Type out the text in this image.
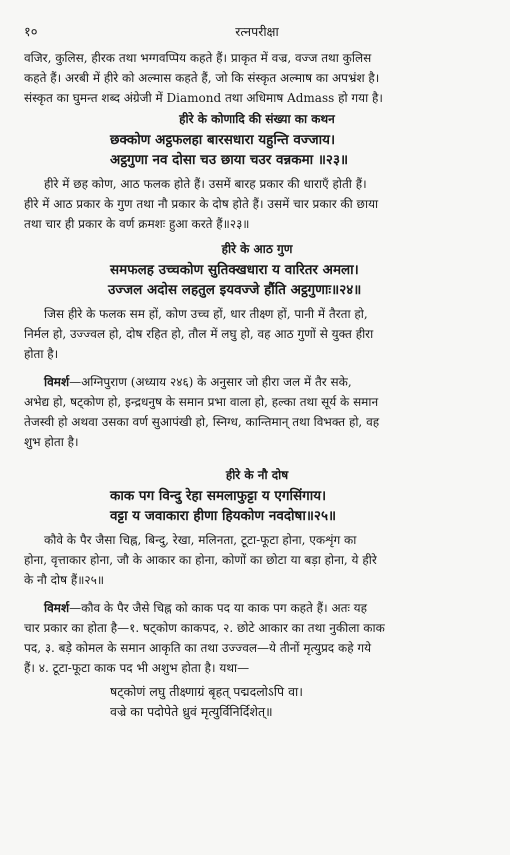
१०	रत्नपरीक्षा

वजिर, कुलिस, हीरक तथा भग्गवप्पिय कहते हैं। प्राकृत में वज्र, वज्ज तथा कुलिस

कहते हैं। अरबी में हीरे को अल्मास कहते हैं, जो कि संस्कृत अल्माष का अपभ्रंश है।

संस्कृत का घुमन्त शब्द अंग्रेजी में Diamond तथा अधिमाष Admass हो गया है।

हीरे के कोणादि की संख्या का कथन
छक्कोण अट्ठफलहा बारसधारा यहुन्ति वज्जाय।
अट्ठगुणा नव दोसा चउ छाया चउर वन्नकमा ॥२३॥

हीरे में छह कोण, आठ फलक होते हैं। उसमें बारह प्रकार की धाराएँ होती हैं।

हीरे में आठ प्रकार के गुण तथा नौ प्रकार के दोष होते हैं। उसमें चार प्रकार की छाया

तथा चार ही प्रकार के वर्ण क्रमशः हुआ करते हैं॥२३॥

हीरे के आठ गुण
समफलह उच्चकोण सुतिक्खधारा य वारितर अमला।
उज्जल अदोस लहतुल इयवज्जे हौंति अट्ठगुणाः॥२४॥

जिस हीरे के फलक सम हों, कोण उच्च हों, धार तीक्ष्ण हों, पानी में तैरता हो,

निर्मल हो, उज्ज्वल हो, दोष रहित हो, तौल में लघु हो, वह आठ गुणों से युक्त हीरा

होता है।

विमर्श—अग्निपुराण (अध्याय २४६) के अनुसार जो हीरा जल में तैर सके,

अभेद्य हो, षट्कोण हो, इन्द्रधनुष के समान प्रभा वाला हो, हल्का तथा सूर्य के समान

तेजस्वी हो अथवा उसका वर्ण सुआपंखी हो, स्निग्ध, कान्तिमान् तथा विभक्त हो, वह

शुभ होता है।

हीरे के नौ दोष
काक पग विन्दु रेहा समलाफुट्टा य एगसिंगाय।
वट्टा य जवाकारा हीणा हियकोण नवदोषा॥२५॥

कौवे के पैर जैसा चिह्न, बिन्दु, रेखा, मलिनता, टूटा-फूटा होना, एकशृंग का

होना, वृत्ताकार होना, जौ के आकार का होना, कोणों का छोटा या बड़ा होना, ये हीरे

के नौ दोष हैं॥२५॥

विमर्श—कौव के पैर जैसे चिह्न को काक पद या काक पग कहते हैं। अतः यह

चार प्रकार का होता है—१. षट्कोण काकपद, २. छोटे आकार का तथा नुकीला काक

पद, ३. बड़े कोमल के समान आकृति का तथा उज्ज्वल—ये तीनों मृत्युप्रद कहे गये

हैं। ४. टूटा-फूटा काक पद भी अशुभ होता है। यथा—

षट्कोणं लघु तीक्ष्णाग्रं बृहत् पद्मदलोऽपि वा।
वज्रे का पदोपेते ध्रुवं मृत्युर्विनिर्दिशेत्॥
